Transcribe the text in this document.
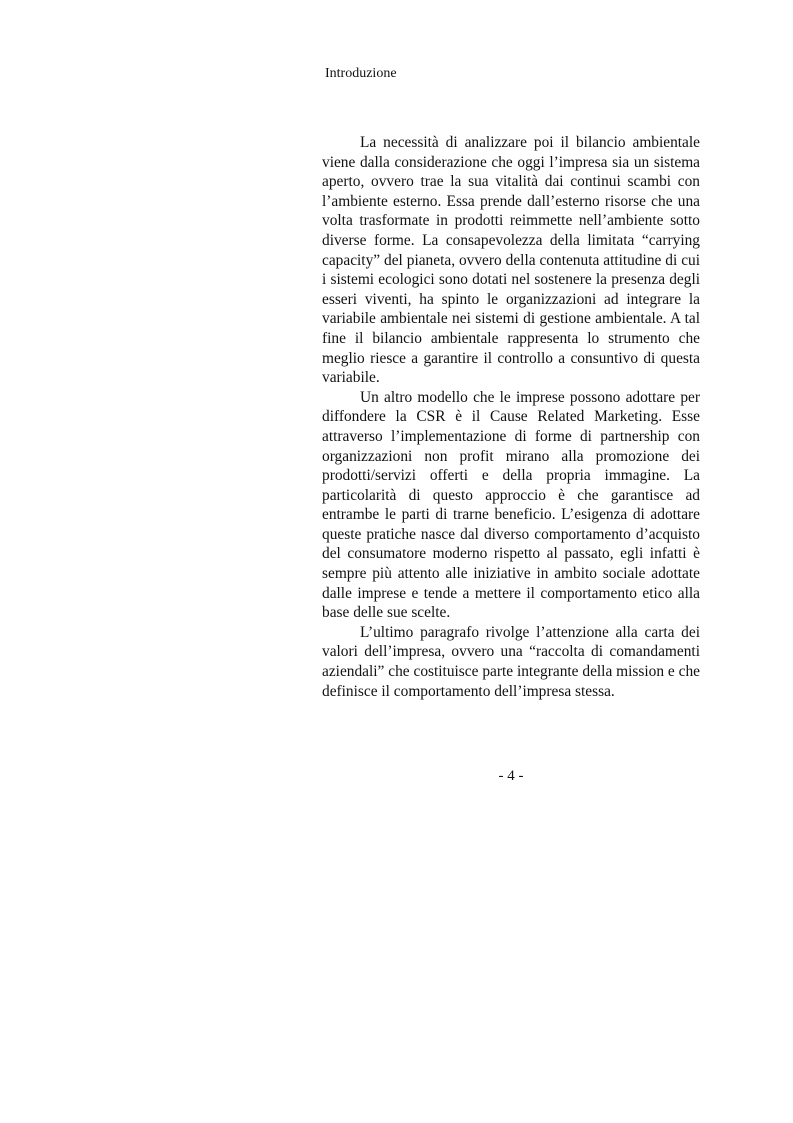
Introduzione

La necessità di analizzare poi il bilancio ambientale viene dalla considerazione che oggi l’impresa sia un sistema aperto, ovvero trae la sua vitalità dai continui scambi con l’ambiente esterno. Essa prende dall’esterno risorse che una volta trasformate in prodotti reimmette nell’ambiente sotto diverse forme. La consapevolezza della limitata “carrying capacity” del pianeta, ovvero della contenuta attitudine di cui i sistemi ecologici sono dotati nel sostenere la presenza degli esseri viventi, ha spinto le organizzazioni ad integrare la variabile ambientale nei sistemi di gestione ambientale. A tal fine il bilancio ambientale rappresenta lo strumento che meglio riesce a garantire il controllo a consuntivo di questa variabile.

Un altro modello che le imprese possono adottare per diffondere la CSR è il Cause Related Marketing. Esse attraverso l’implementazione di forme di partnership con organizzazioni non profit mirano alla promozione dei prodotti/servizi offerti e della propria immagine. La particolarità di questo approccio è che garantisce ad entrambe le parti di trarne beneficio. L’esigenza di adottare queste pratiche nasce dal diverso comportamento d’acquisto del consumatore moderno rispetto al passato, egli infatti è sempre più attento alle iniziative in ambito sociale adottate dalle imprese e tende a mettere il comportamento etico alla base delle sue scelte.

L’ultimo paragrafo rivolge l’attenzione alla carta dei valori dell’impresa, ovvero una “raccolta di comandamenti aziendali” che costituisce parte integrante della mission e che definisce il comportamento dell’impresa stessa.

- 4 -
